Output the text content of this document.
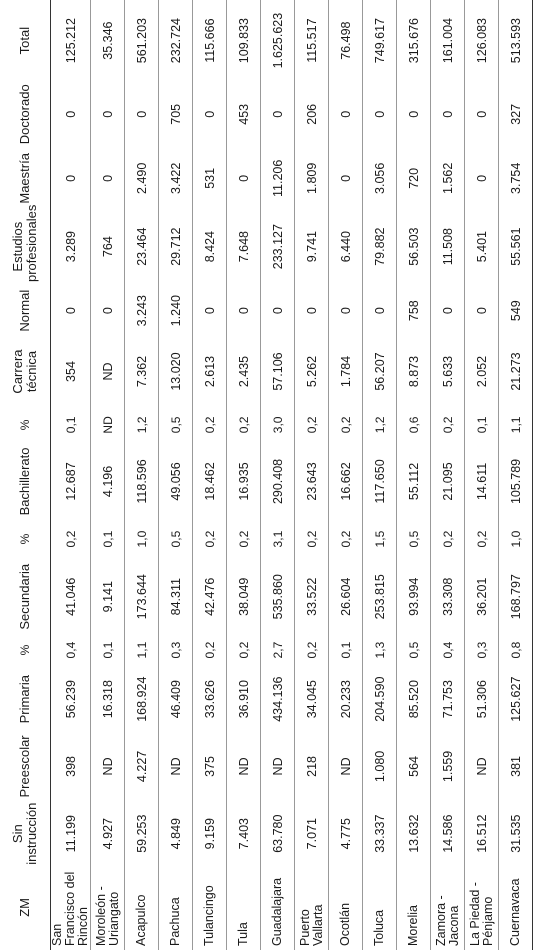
ZM	Sin instrucción	Preescolar	Primaria	%	Secundaria	%	Bachillerato	%	Carrera técnica	Normal	Estudios profesionales	Maestría	Doctorado	Total
San Francisco del Rincón	11.199	398	56.239	0,4	41.046	0,2	12.687	0,1	354	0	3.289	0	0	125.212
Moroleón - Uriangato	4.927	ND	16.318	0,1	9.141	0,1	4.196	ND	ND	0	764	0	0	35.346
Acapulco	59.253	4.227	168.924	1,1	173.644	1,0	118.596	1,2	7.362	3.243	23.464	2.490	0	561.203
Pachuca	4.849	ND	46.409	0,3	84.311	0,5	49.056	0,5	13.020	1.240	29.712	3.422	705	232.724
Tulancingo	9.159	375	33.626	0,2	42.476	0,2	18.462	0,2	2.613	0	8.424	531	0	115.666
Tula	7.403	ND	36.910	0,2	38.049	0,2	16.935	0,2	2.435	0	7.648	0	453	109.833
Guadalajara	63.780	ND	434.136	2,7	535.860	3,1	290.408	3,0	57.106	0	233.127	11.206	0	1.625.623
Puerto Vallarta	7.071	218	34.045	0,2	33.522	0,2	23.643	0,2	5.262	0	9.741	1.809	206	115.517
Ocotlán	4.775	ND	20.233	0,1	26.604	0,2	16.662	0,2	1.784	0	6.440	0	0	76.498
Toluca	33.337	1.080	204.590	1,3	253.815	1,5	117.650	1,2	56.207	0	79.882	3.056	0	749.617
Morelia	13.632	564	85.520	0,5	93.994	0,5	55.112	0,6	8.873	758	56.503	720	0	315.676
Zamora - Jacona	14.586	1.559	71.753	0,4	33.308	0,2	21.095	0,2	5.633	0	11.508	1.562	0	161.004
La Piedad - Pénjamo	16.512	ND	51.306	0,3	36.201	0,2	14.611	0,1	2.052	0	5.401	0	0	126.083
Cuernavaca	31.535	381	125.627	0,8	168.797	1,0	105.789	1,1	21.273	549	55.561	3.754	327	513.593
